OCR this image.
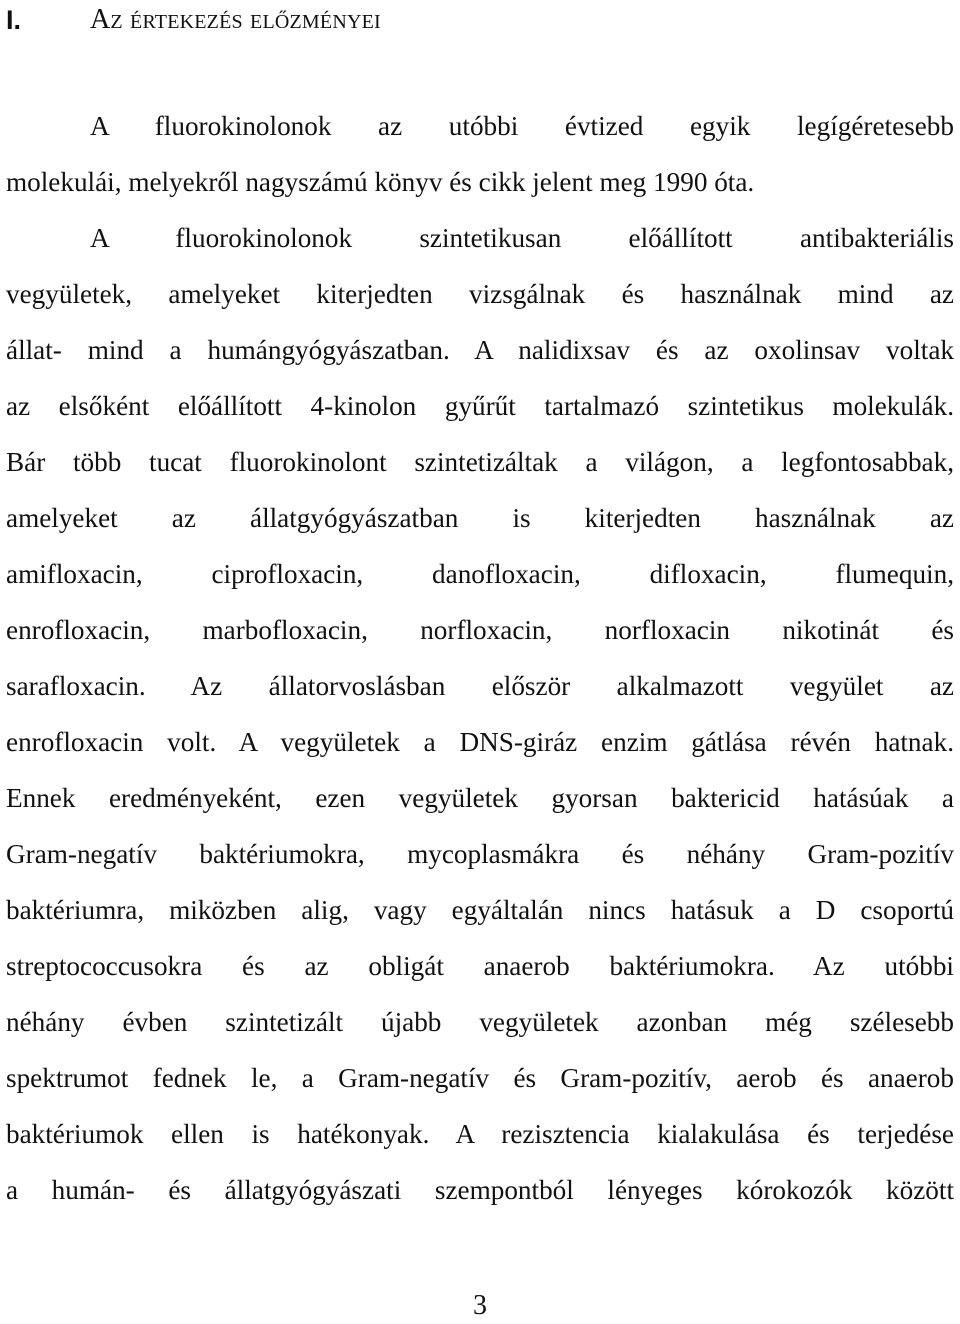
I.	Az értekezés előzményei
A fluorokinolonok az utóbbi évtized egyik legígéretesebb
molekulái, melyekről nagyszámú könyv és cikk jelent meg 1990 óta.
A fluorokinolonok szintetikusan előállított antibakteriális
vegyületek, amelyeket kiterjedten vizsgálnak és használnak mind az
állat- mind a humángyógyászatban. A nalidixsav és az oxolinsav voltak
az elsőként előállított 4-kinolon gyűrűt tartalmazó szintetikus molekulák.
Bár több tucat fluorokinolont szintetizáltak a világon, a legfontosabbak,
amelyeket az állatgyógyászatban is kiterjedten használnak az
amifloxacin, ciprofloxacin, danofloxacin, difloxacin, flumequin,
enrofloxacin, marbofloxacin, norfloxacin, norfloxacin nikotinát és
sarafloxacin. Az állatorvoslásban először alkalmazott vegyület az
enrofloxacin volt. A vegyületek a DNS-giráz enzim gátlása révén hatnak.
Ennek eredményeként, ezen vegyületek gyorsan baktericid hatásúak a
Gram-negatív baktériumokra, mycoplasmákra és néhány Gram-pozitív
baktériumra, miközben alig, vagy egyáltalán nincs hatásuk a D csoportú
streptococcusokra és az obligát anaerob baktériumokra. Az utóbbi
néhány évben szintetizált újabb vegyületek azonban még szélesebb
spektrumot fednek le, a Gram-negatív és Gram-pozitív, aerob és anaerob
baktériumok ellen is hatékonyak. A rezisztencia kialakulása és terjedése
a humán- és állatgyógyászati szempontból lényeges kórokozók között
3
